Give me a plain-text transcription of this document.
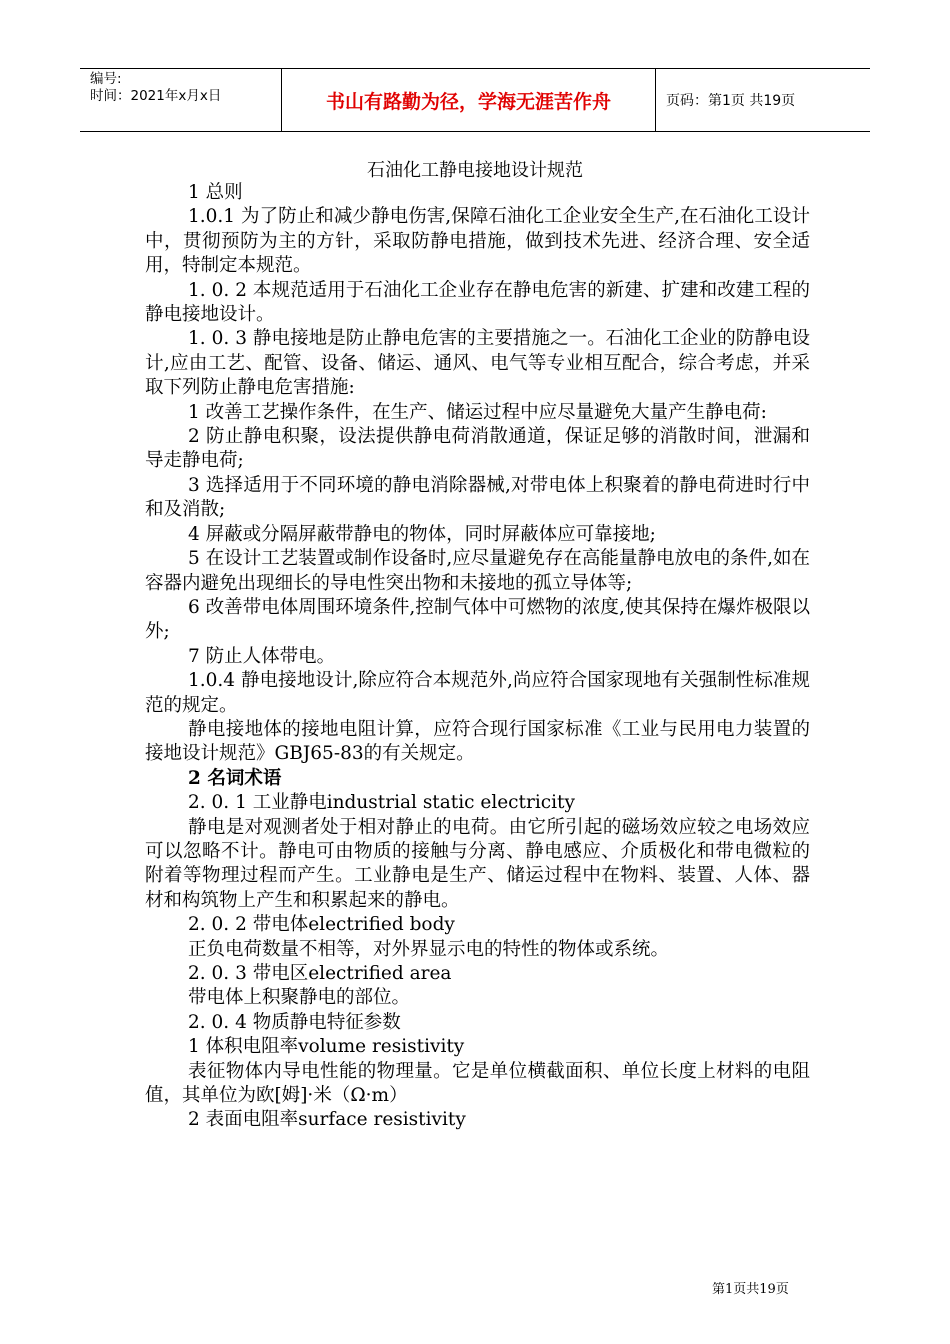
编号:
时间：2021年x月x日	书山有路勤为径，学海无涯苦作舟	页码：第1页 共19页
石油化工静电接地设计规范

1 总则

1.0.1 为了防止和减少静电伤害,保障石油化工企业安全生产,在石油化工设计中，贯彻预防为主的方针，采取防静电措施，做到技术先进、经济合理、安全适用，特制定本规范。

1. 0. 2 本规范适用于石油化工企业存在静电危害的新建、扩建和改建工程的静电接地设计。

1. 0. 3 静电接地是防止静电危害的主要措施之一。石油化工企业的防静电设计,应由工艺、配管、设备、储运、通风、电气等专业相互配合，综合考虑，并采取下列防止静电危害措施:

1 改善工艺操作条件，在生产、储运过程中应尽量避免大量产生静电荷:

2 防止静电积聚，设法提供静电荷消散通道，保证足够的消散时间，泄漏和导走静电荷;

3 选择适用于不同环境的静电消除器械,对带电体上积聚着的静电荷进时行中和及消散;

4 屏蔽或分隔屏蔽带静电的物体，同时屏蔽体应可靠接地;

5 在设计工艺装置或制作设备时,应尽量避免存在高能量静电放电的条件,如在容器内避免出现细长的导电性突出物和未接地的孤立导体等;

6 改善带电体周围环境条件,控制气体中可燃物的浓度,使其保持在爆炸极限以外;

7 防止人体带电。

1.0.4 静电接地设计,除应符合本规范外,尚应符合国家现地有关强制性标准规范的规定。

静电接地体的接地电阻计算，应符合现行国家标准《工业与民用电力装置的接地设计规范》GBJ65-83的有关规定。

2 名词术语

2. 0. 1 工业静电industrial static electricity

静电是对观测者处于相对静止的电荷。由它所引起的磁场效应较之电场效应可以忽略不计。静电可由物质的接触与分离、静电感应、介质极化和带电微粒的附着等物理过程而产生。工业静电是生产、储运过程中在物料、装置、人体、器材和构筑物上产生和积累起来的静电。

2. 0. 2 带电体electrified body

正负电荷数量不相等，对外界显示电的特性的物体或系统。

2. 0. 3 带电区electrified area

带电体上积聚静电的部位。

2. 0. 4 物质静电特征参数

1 体积电阻率volume resistivity

表征物体内导电性能的物理量。它是单位横截面积、单位长度上材料的电阻值，其单位为欧[姆]·米（Ω·m）

2 表面电阻率surface resistivity

第1页共19页
